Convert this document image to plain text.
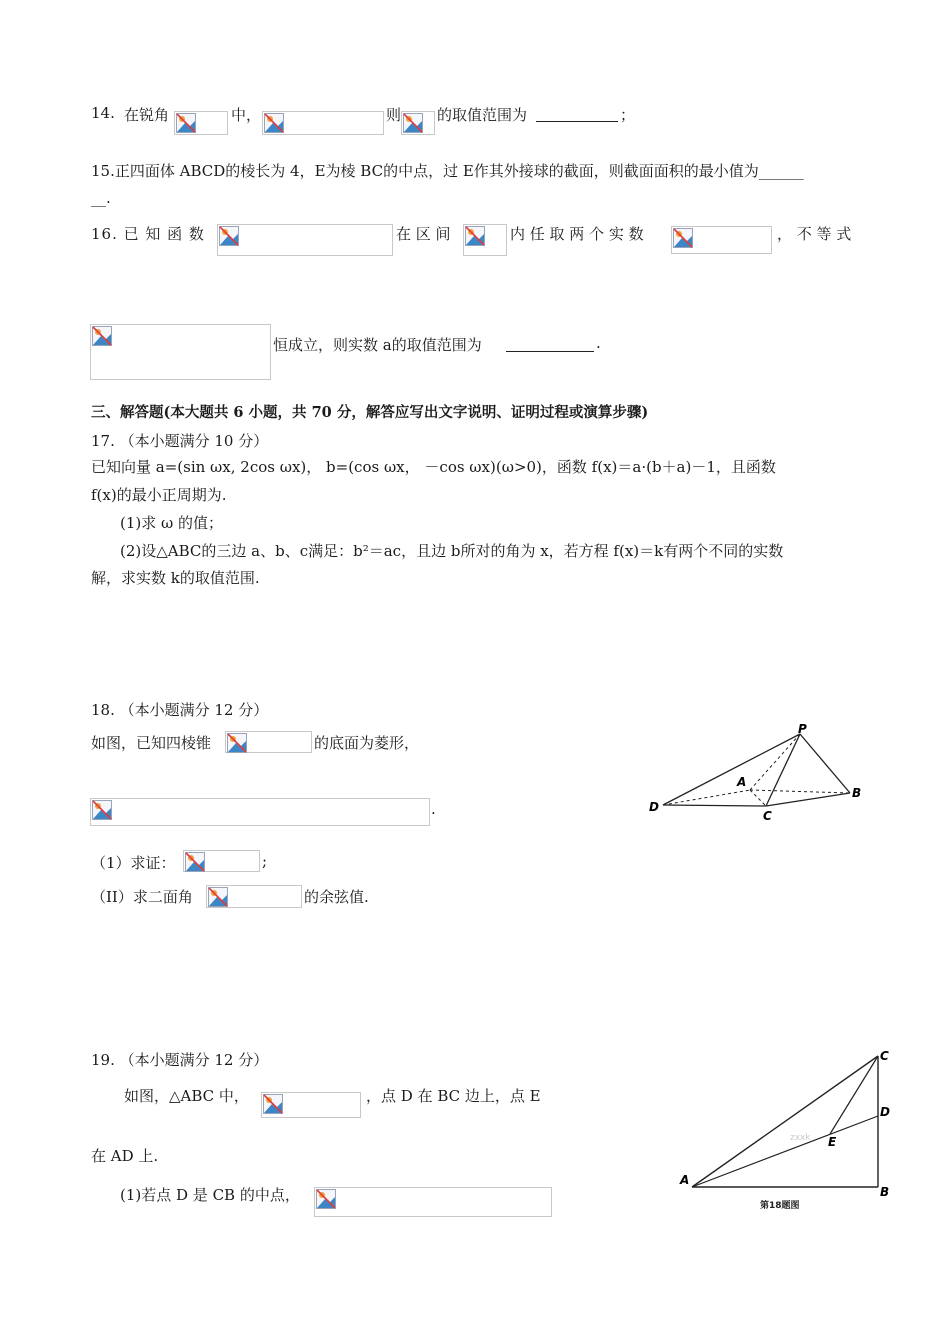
14. 在锐角	中，	则 的取值范围为	；
15.正四面体 ABCD的棱长为 4，E为棱 BC的中点，过 E作其外接球的截面，则截面面积的最小值为______
__.
16. 已 知 函 数	在 区 间	内 任 取 两 个 实 数	， 不 等 式
恒成立，则实数 a的取值范围为	.
三、解答题(本大题共 6 小题，共 70 分，解答应写出文字说明、证明过程或演算步骤)
17. （本小题满分 10 分）
已知向量 a=(sin ωx, 2cos ωx)， b=(cos ωx， －cos ωx)(ω>0)，函数 f(x)＝a·(b＋a)－1，且函数
f(x)的最小正周期为.
(1)求 ω 的值；
(2)设△ABC的三边 a、b、c满足：b²＝ac，且边 b所对的角为 x，若方程 f(x)＝k有两个不同的实数
解，求实数 k的取值范围.
18. （本小题满分 12 分）
如图，已知四棱锥	的底面为菱形，
.
（1）求证：	;
（II）求二面角	的余弦值.
P
A
B
C
D
19. （本小题满分 12 分）
如图，△ABC 中，	，点 D 在 BC 边上，点 E
在 AD 上.
(1)若点 D 是 CB 的中点，
A
B
C
D
E
zxxk
第18题图
